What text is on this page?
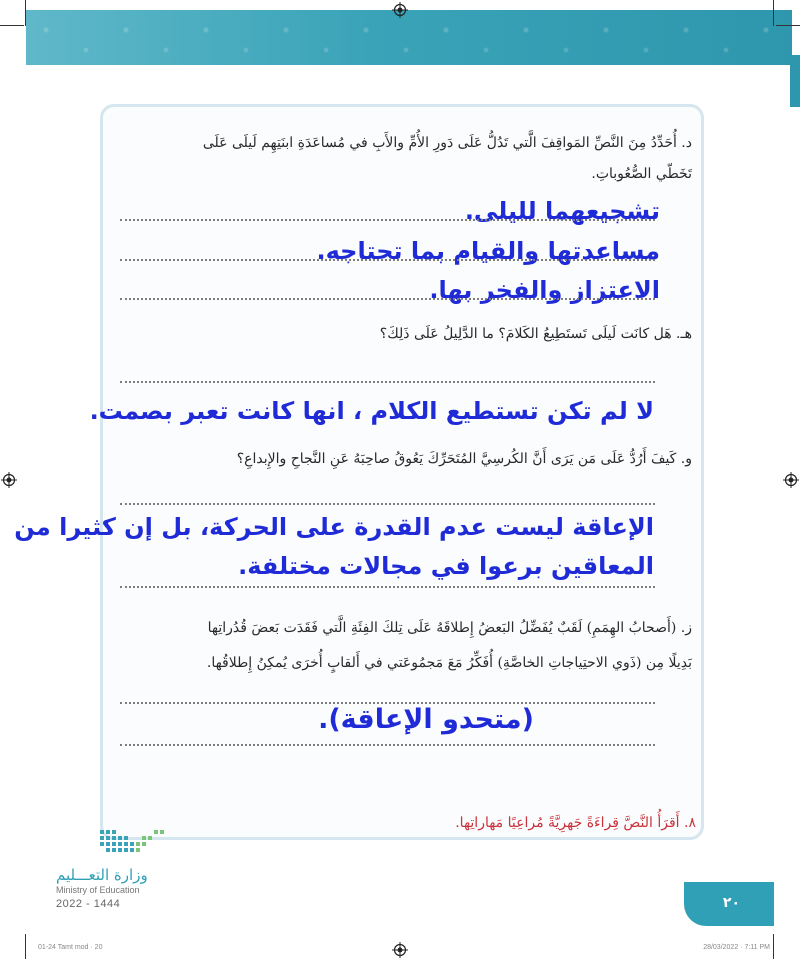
د. أُحَدِّدُ مِنَ النَّصِّ المَواقِفَ الَّتي تَدُلُّ عَلَى دَورِ الأُمِّ والأَبِ في مُساعَدَةِ ابنَتِهِم لَيلَى عَلَى
تَخَطّي الصُّعُوباتِ.
تشجيعهما لليلى.
مساعدتها والقيام بما تحتاجه.
الاعتزاز والفخر بها.
هـ. هَل كانَت لَيلَى تَستَطِيعُ الكَلامَ؟ ما الدَّلِيلُ عَلَى ذَلِكَ؟
لا لم تكن تستطيع الكلام ، انها كانت تعبر بصمت.
و. كَيفَ أَرُدُّ عَلَى مَن يَرَى أَنَّ الكُرسِيَّ المُتَحَرِّكَ يَعُوقُ صاحِبَهُ عَنِ النَّجاحِ والإِبداعِ؟
الإعاقة ليست عدم القدرة على الحركة، بل إن كثيرا من
المعاقين برعوا في مجالات مختلفة.
ز. (أَصحابُ الهِمَمِ) لَقَبٌ يُفَضِّلُ البَعضُ إِطلاقَهُ عَلَى تِلكَ الفِئَةِ الَّتي فَقَدَت بَعضَ قُدُراتِها
بَدِيلًا مِن (ذَوي الاحتِياجاتِ الخاصَّةِ) أُفَكِّرُ مَعَ مَجمُوعَتي في أَلقابٍ أُخرَى يُمكِنُ إِطلاقُها.
(متحدو الإعاقة).
٨. أَقرَأُ النَّصَّ قِراءَةً جَهرِيَّةً مُراعِيًا مَهاراتِها.
وزارة التعـــليم
Ministry of Education
2022 - 1444	٢٠
01-24 Tamt mod · 20	28/03/2022 · 7:11 PM
